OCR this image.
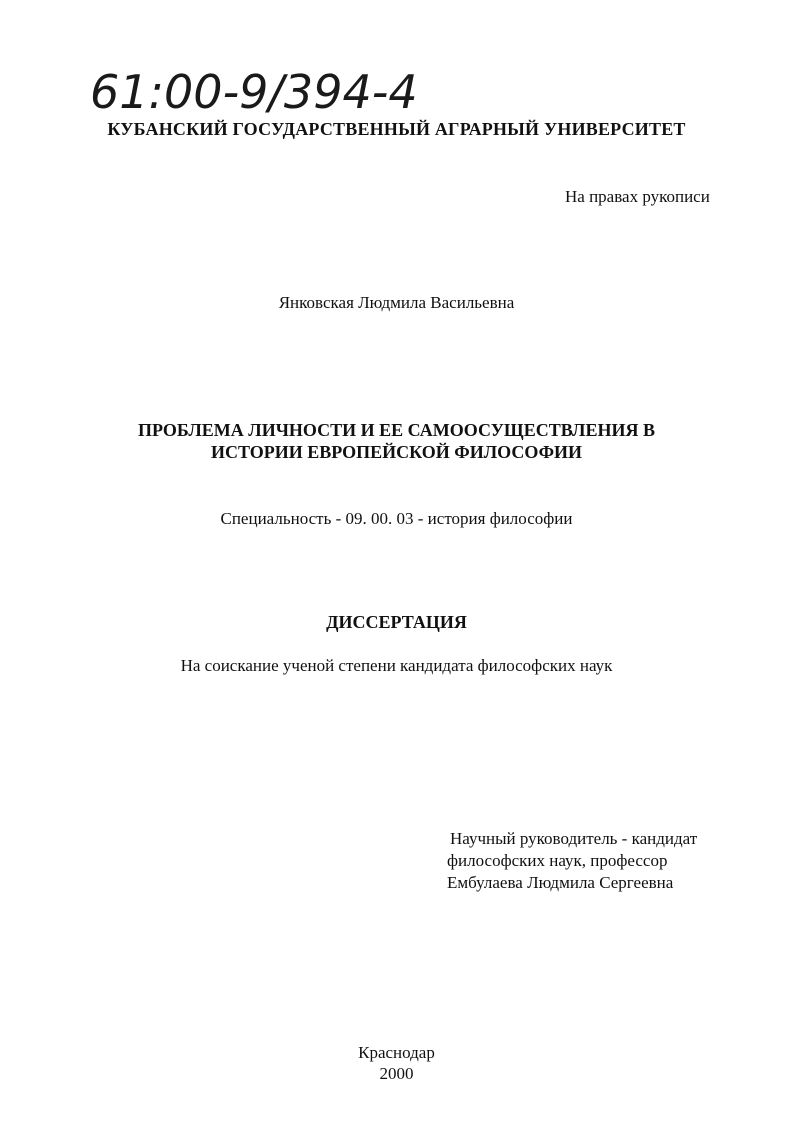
61:00-9/394-4
КУБАНСКИЙ ГОСУДАРСТВЕННЫЙ АГРАРНЫЙ УНИВЕРСИТЕТ
На правах рукописи
Янковская Людмила Васильевна
ПРОБЛЕМА ЛИЧНОСТИ И ЕЕ САМООСУЩЕСТВЛЕНИЯ В
ИСТОРИИ ЕВРОПЕЙСКОЙ ФИЛОСОФИИ
Специальность - 09. 00. 03 - история философии
ДИССЕРТАЦИЯ
На соискание ученой степени кандидата философских наук
Научный руководитель - кандидат
философских наук, профессор
Ембулаева Людмила Сергеевна
Краснодар
2000
